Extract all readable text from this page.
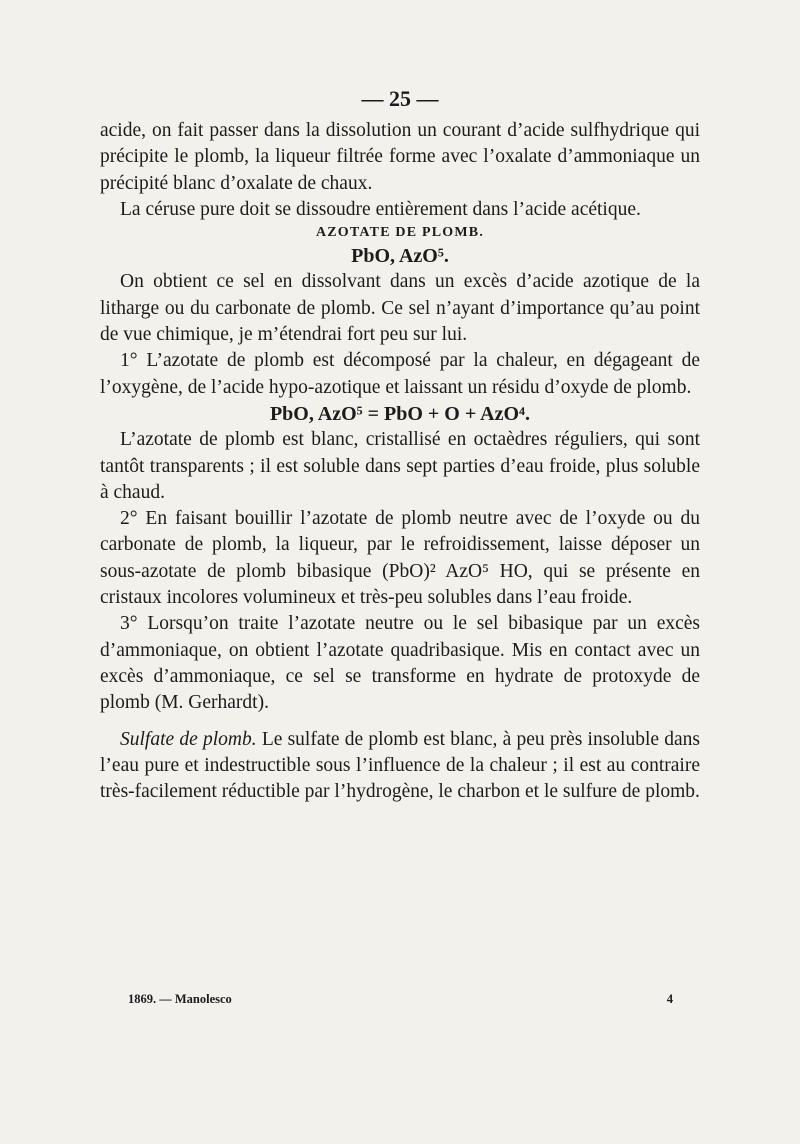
— 25 —

acide, on fait passer dans la dissolution un courant d’acide sulfhydrique qui précipite le plomb, la liqueur filtrée forme avec l’oxalate d’ammoniaque un précipité blanc d’oxalate de chaux.

La céruse pure doit se dissoudre entièrement dans l’acide acétique.

AZOTATE DE PLOMB.

PbO, AzO⁵.

On obtient ce sel en dissolvant dans un excès d’acide azotique de la litharge ou du carbonate de plomb. Ce sel n’ayant d’importance qu’au point de vue chimique, je m’étendrai fort peu sur lui.

1° L’azotate de plomb est décomposé par la chaleur, en dégageant de l’oxygène, de l’acide hypo-azotique et laissant un résidu d’oxyde de plomb.

PbO, AzO⁵ = PbO + O + AzO⁴.

L’azotate de plomb est blanc, cristallisé en octaèdres réguliers, qui sont tantôt transparents ; il est soluble dans sept parties d’eau froide, plus soluble à chaud.

2° En faisant bouillir l’azotate de plomb neutre avec de l’oxyde ou du carbonate de plomb, la liqueur, par le refroidissement, laisse déposer un sous-azotate de plomb bibasique (PbO)² AzO⁵ HO, qui se présente en cristaux incolores volumineux et très-peu solubles dans l’eau froide.

3° Lorsqu’on traite l’azotate neutre ou le sel bibasique par un excès d’ammoniaque, on obtient l’azotate quadribasique. Mis en contact avec un excès d’ammoniaque, ce sel se transforme en hydrate de protoxyde de plomb (M. Gerhardt).

Sulfate de plomb. Le sulfate de plomb est blanc, à peu près insoluble dans l’eau pure et indestructible sous l’influence de la chaleur ; il est au contraire très-facilement réductible par l’hydrogène, le charbon et le sulfure de plomb.

1869. — Manolesco	4
